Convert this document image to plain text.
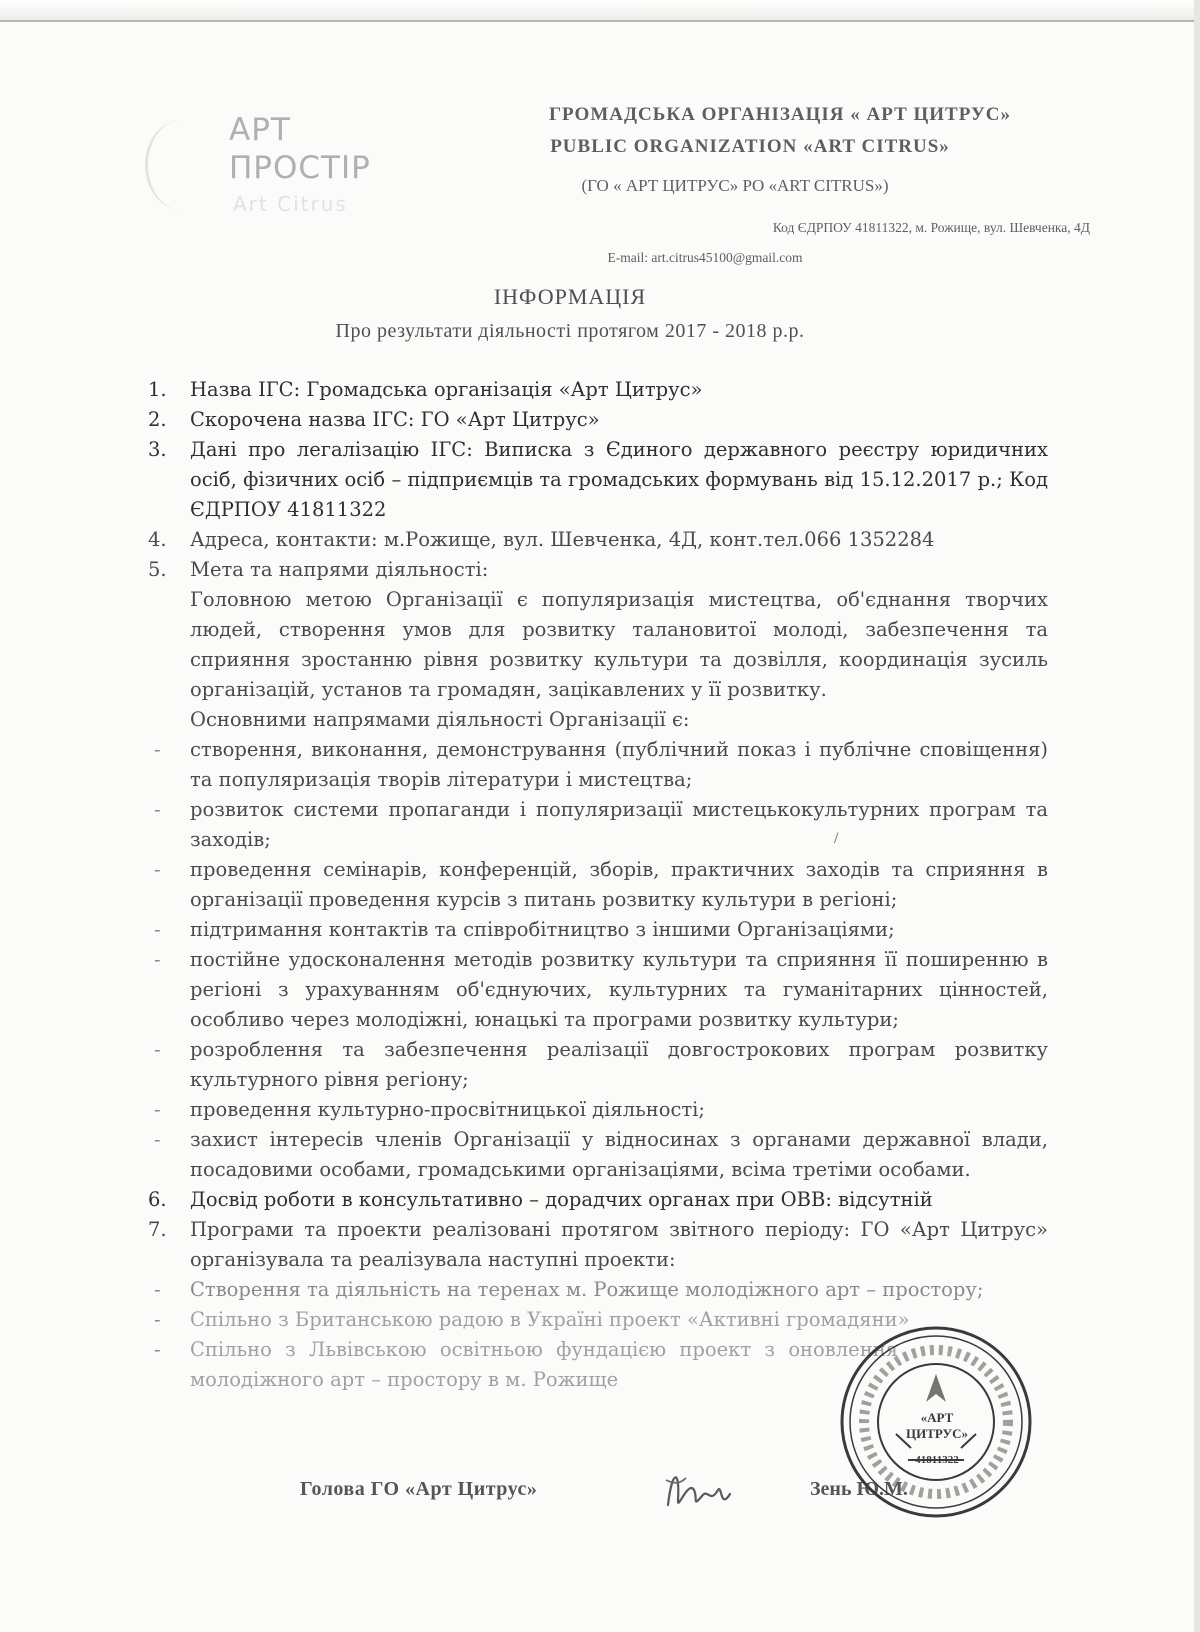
АРТ
ПРОСТІР
Art Citrus
ГРОМАДСЬКА ОРГАНІЗАЦІЯ « АРТ ЦИТРУС»
PUBLIC ORGANIZATION «ART CITRUS»
(ГО « АРТ ЦИТРУС» PO «ART CITRUS»)
Код ЄДРПОУ 41811322, м. Рожище, вул. Шевченка, 4Д
E-mail: art.citrus45100@gmail.com
ІНФОРМАЦІЯ
Про результати діяльності протягом 2017 - 2018 р.р.
/
1.	Назва ІГС: Громадська організація «Арт Цитрус»
2.	Скорочена назва ІГС: ГО «Арт Цитрус»
3.	Дані про легалізацію ІГС: Виписка з Єдиного державного реєстру юридичних осіб, фізичних осіб – підприємців та громадських формувань від 15.12.2017 р.; Код ЄДРПОУ 41811322
4.	Адреса, контакти: м.Рожище, вул. Шевченка, 4Д, конт.тел.066 1352284
5.	Мета та напрями діяльності:
Головною метою Організації є популяризація мистецтва, об'єднання творчих людей, створення умов для розвитку талановитої молоді, забезпечення та сприяння зростанню рівня розвитку культури та дозвілля, координація зусиль організацій, установ та громадян, зацікавлених у її розвитку.
Основними напрямами діяльності Організації є:
- створення, виконання, демонстрування (публічний показ і публічне сповіщення) та популяризація творів літератури і мистецтва;
- розвиток системи пропаганди і популяризації мистецькокультурних програм та заходів;
- проведення семінарів, конференцій, зборів, практичних заходів та сприяння в організації проведення курсів з питань розвитку культури в регіоні;
- підтримання контактів та співробітництво з іншими Організаціями;
- постійне удосконалення методів розвитку культури та сприяння її поширенню в регіоні з урахуванням об'єднуючих, культурних та гуманітарних цінностей, особливо через молодіжні, юнацькі та програми розвитку культури;
- розроблення та забезпечення реалізації довгострокових програм розвитку культурного рівня регіону;
- проведення культурно-просвітницької діяльності;
- захист інтересів членів Організації у відносинах з органами державної влади, посадовими особами, громадськими організаціями, всіма третіми особами.
6.	Досвід роботи в консультативно – дорадчих органах при ОВВ: відсутній
7.	Програми та проекти реалізовані протягом звітного періоду: ГО «Арт Цитрус» організувала та реалізувала наступні проекти:
- Створення та діяльність на теренах м. Рожище молодіжного арт – простору;
- Спільно з Британською радою в Україні проект «Активні громадяни»
- Спільно з Львівською освітньою фундацією проект з оновлення молодіжного арт – простору в м. Рожище
Голова ГО «Арт Цитрус»	Зень Ю.М.
«АРТ
ЦИТРУС»
41811322
